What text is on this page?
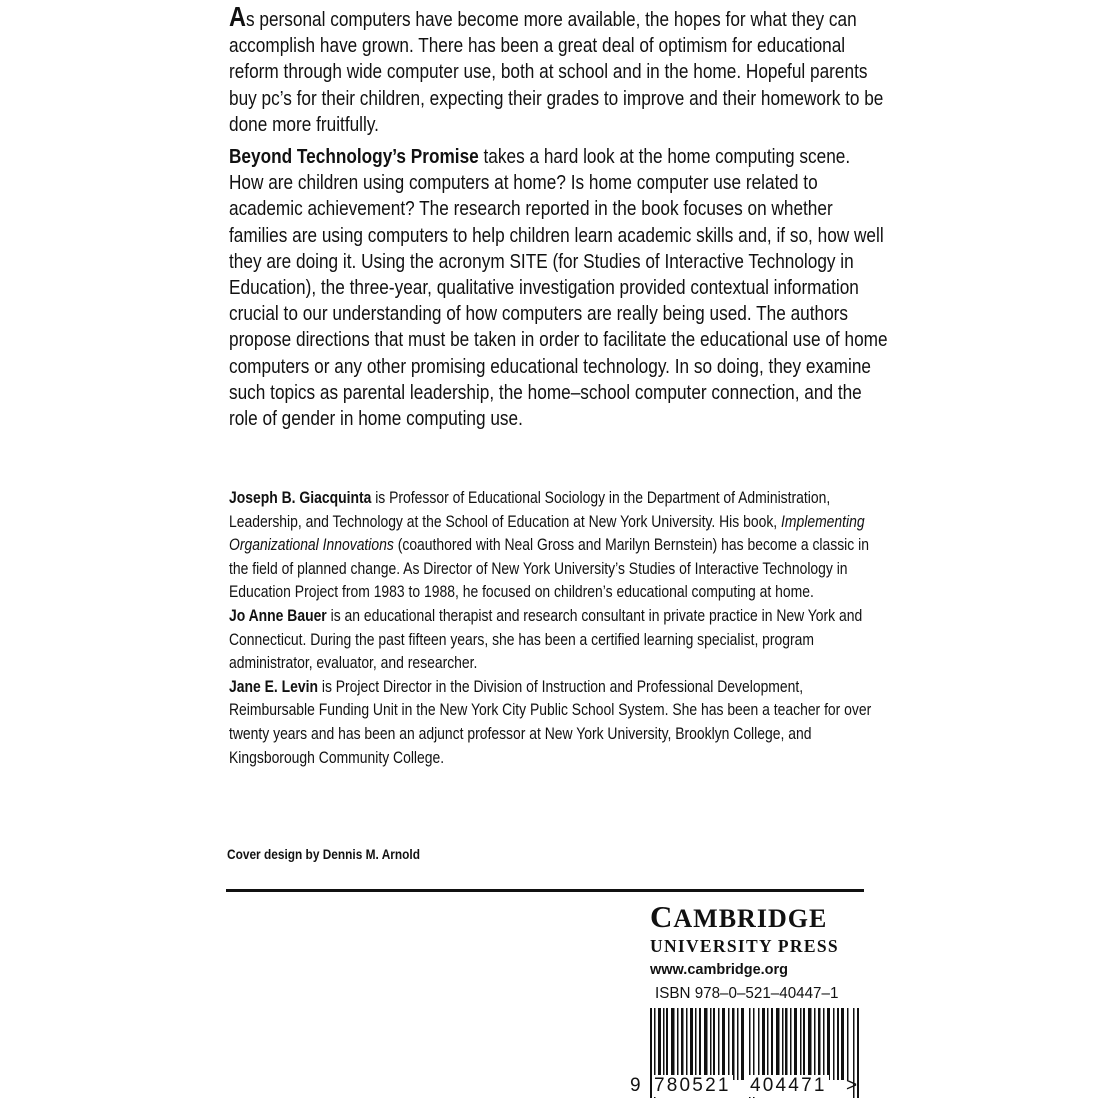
As personal computers have become more available, the hopes for what they can accomplish have grown. There has been a great deal of optimism for educational reform through wide computer use, both at school and in the home. Hopeful parents buy pc’s for their children, expecting their grades to improve and their homework to be done more fruitfully.

Beyond Technology’s Promise takes a hard look at the home computing scene. How are children using computers at home? Is home computer use related to academic achievement? The research reported in the book focuses on whether families are using computers to help children learn academic skills and, if so, how well they are doing it. Using the acronym SITE (for Studies of Interactive Technology in Education), the three-year, qualitative investigation provided contextual information crucial to our understanding of how computers are really being used. The authors propose directions that must be taken in order to facilitate the educational use of home computers or any other promising educational technology. In so doing, they examine such topics as parental leadership, the home–school computer connection, and the role of gender in home computing use.

Joseph B. Giacquinta is Professor of Educational Sociology in the Department of Administration, Leadership, and Technology at the School of Education at New York University. His book, Implementing Organizational Innovations (coauthored with Neal Gross and Marilyn Bernstein) has become a classic in the field of planned change. As Director of New York University’s Studies of Interactive Technology in Education Project from 1983 to 1988, he focused on children’s educational computing at home.

Jo Anne Bauer is an educational therapist and research consultant in private practice in New York and Connecticut. During the past fifteen years, she has been a certified learning specialist, program administrator, evaluator, and researcher.

Jane E. Levin is Project Director in the Division of Instruction and Professional Development, Reimbursable Funding Unit in the New York City Public School System. She has been a teacher for over twenty years and has been an adjunct professor at New York University, Brooklyn College, and Kingsborough Community College.

Cover design by Dennis M. Arnold
CAMBRIDGE
UNIVERSITY PRESS
www.cambridge.org
ISBN 978–0–521–40447–1
9 780521 404471 >
